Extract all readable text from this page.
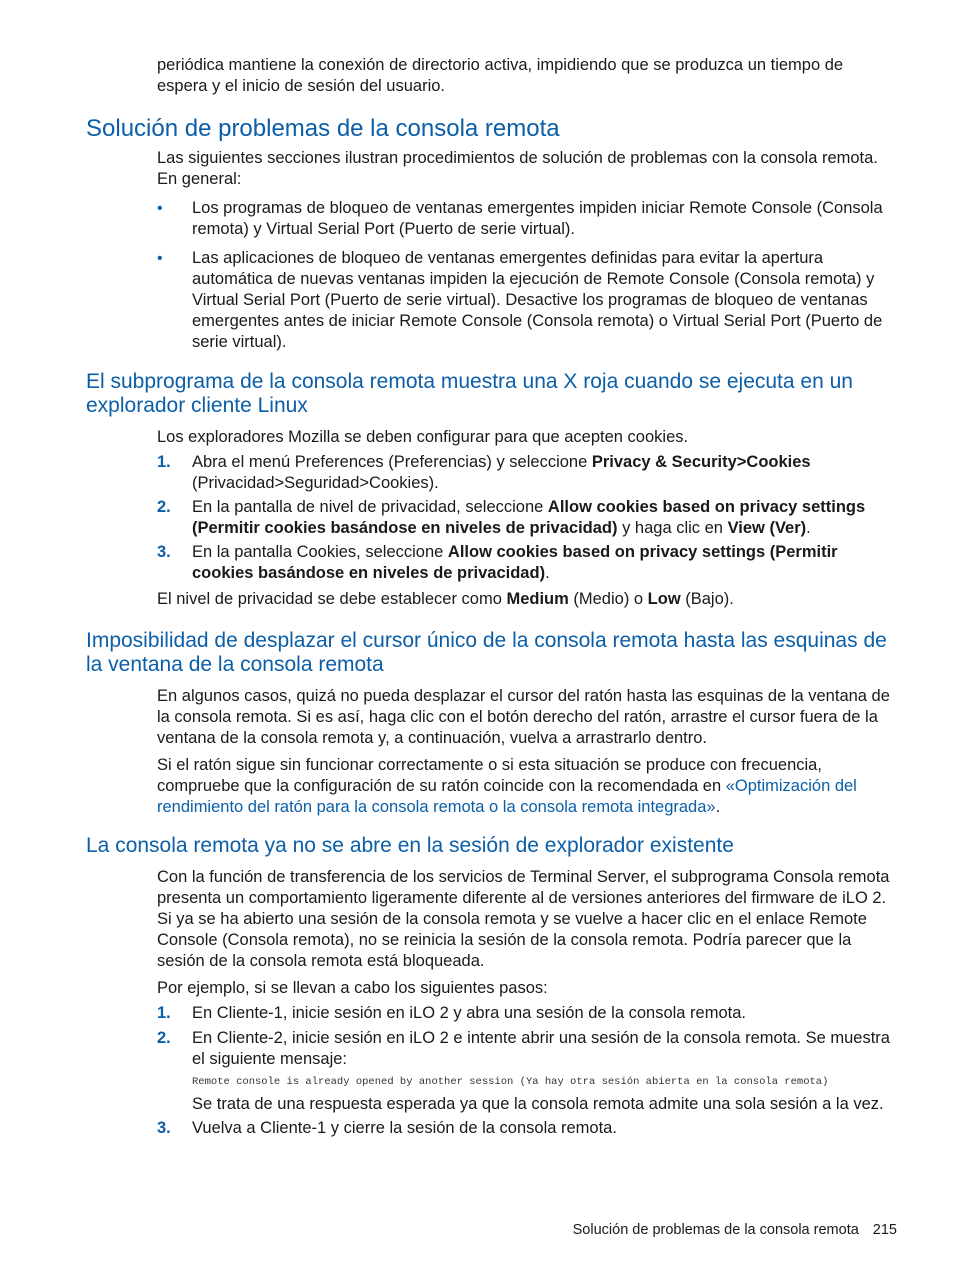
periódica mantiene la conexión de directorio activa, impidiendo que se produzca un tiempo de espera y el inicio de sesión del usuario.

Solución de problemas de la consola remota

Las siguientes secciones ilustran procedimientos de solución de problemas con la consola remota. En general:

• Los programas de bloqueo de ventanas emergentes impiden iniciar Remote Console (Consola remota) y Virtual Serial Port (Puerto de serie virtual).
• Las aplicaciones de bloqueo de ventanas emergentes definidas para evitar la apertura automática de nuevas ventanas impiden la ejecución de Remote Console (Consola remota) y Virtual Serial Port (Puerto de serie virtual). Desactive los programas de bloqueo de ventanas emergentes antes de iniciar Remote Console (Consola remota) o Virtual Serial Port (Puerto de serie virtual).
El subprograma de la consola remota muestra una X roja cuando se ejecuta en un explorador cliente Linux

Los exploradores Mozilla se deben configurar para que acepten cookies.

1. Abra el menú Preferences (Preferencias) y seleccione Privacy & Security>Cookies (Privacidad>Seguridad>Cookies).
2. En la pantalla de nivel de privacidad, seleccione Allow cookies based on privacy settings (Permitir cookies basándose en niveles de privacidad) y haga clic en View (Ver).
3. En la pantalla Cookies, seleccione Allow cookies based on privacy settings (Permitir cookies basándose en niveles de privacidad).

El nivel de privacidad se debe establecer como Medium (Medio) o Low (Bajo).

Imposibilidad de desplazar el cursor único de la consola remota hasta las esquinas de la ventana de la consola remota

En algunos casos, quizá no pueda desplazar el cursor del ratón hasta las esquinas de la ventana de la consola remota. Si es así, haga clic con el botón derecho del ratón, arrastre el cursor fuera de la ventana de la consola remota y, a continuación, vuelva a arrastrarlo dentro.

Si el ratón sigue sin funcionar correctamente o si esta situación se produce con frecuencia, compruebe que la configuración de su ratón coincide con la recomendada en «Optimización del rendimiento del ratón para la consola remota o la consola remota integrada».

La consola remota ya no se abre en la sesión de explorador existente

Con la función de transferencia de los servicios de Terminal Server, el subprograma Consola remota presenta un comportamiento ligeramente diferente al de versiones anteriores del firmware de iLO 2. Si ya se ha abierto una sesión de la consola remota y se vuelve a hacer clic en el enlace Remote Console (Consola remota), no se reinicia la sesión de la consola remota. Podría parecer que la sesión de la consola remota está bloqueada.

Por ejemplo, si se llevan a cabo los siguientes pasos:

1. En Cliente-1, inicie sesión en iLO 2 y abra una sesión de la consola remota.
2. En Cliente-2, inicie sesión en iLO 2 e intente abrir una sesión de la consola remota. Se muestra el siguiente mensaje:
Remote console is already opened by another session (Ya hay otra sesión abierta en la consola remota)
Se trata de una respuesta esperada ya que la consola remota admite una sola sesión a la vez.
3. Vuelva a Cliente-1 y cierre la sesión de la consola remota.
Solución de problemas de la consola remota 215
